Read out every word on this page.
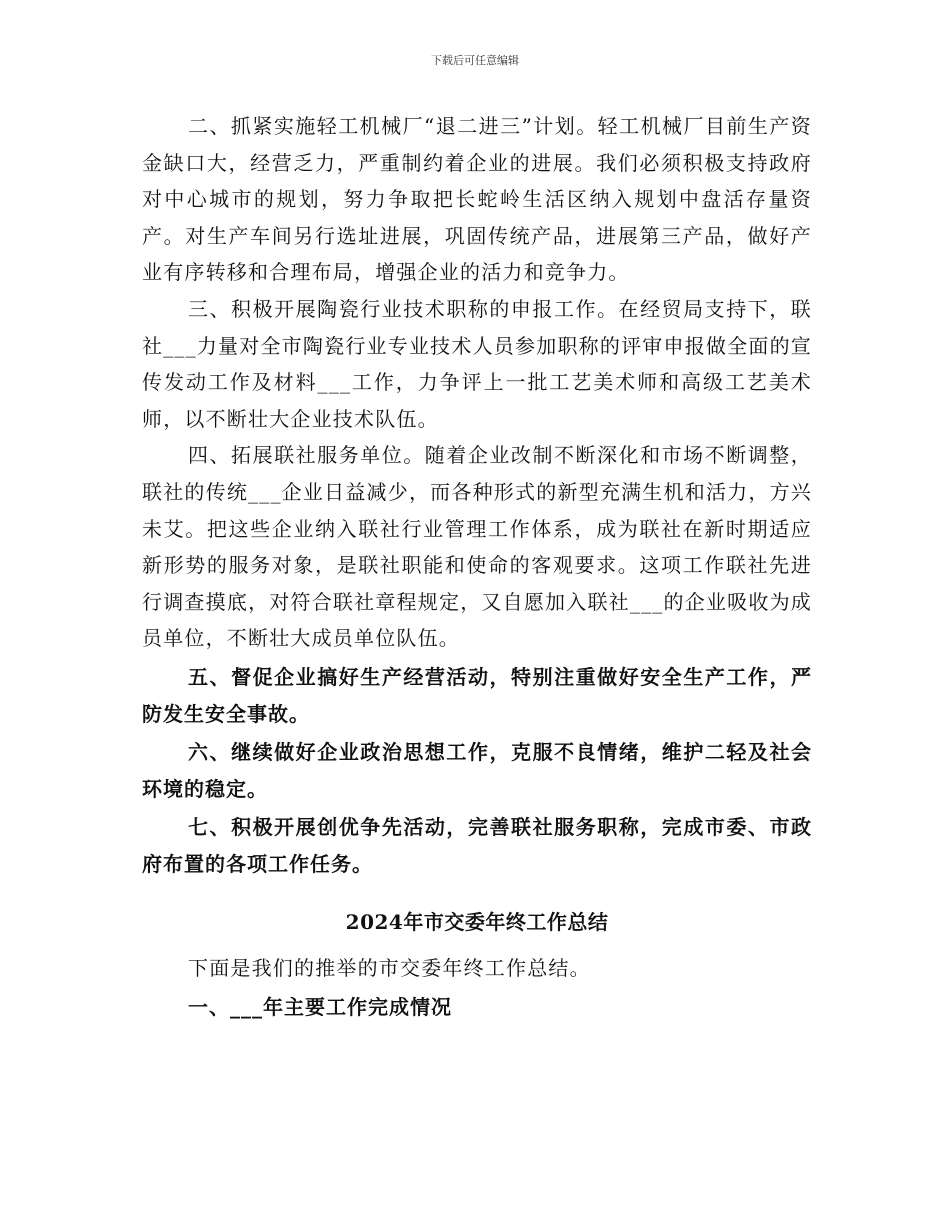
下载后可任意编辑

二、抓紧实施轻工机械厂“退二进三”计划。轻工机械厂目前生产资金缺口大，经营乏力，严重制约着企业的进展。我们必须积极支持政府对中心城市的规划，努力争取把长蛇岭生活区纳入规划中盘活存量资产。对生产车间另行选址进展，巩固传统产品，进展第三产品，做好产业有序转移和合理布局，增强企业的活力和竞争力。

三、积极开展陶瓷行业技术职称的申报工作。在经贸局支持下，联社___力量对全市陶瓷行业专业技术人员参加职称的评审申报做全面的宣传发动工作及材料___工作，力争评上一批工艺美术师和高级工艺美术师，以不断壮大企业技术队伍。

四、拓展联社服务单位。随着企业改制不断深化和市场不断调整，联社的传统___企业日益减少，而各种形式的新型充满生机和活力，方兴未艾。把这些企业纳入联社行业管理工作体系，成为联社在新时期适应新形势的服务对象，是联社职能和使命的客观要求。这项工作联社先进行调查摸底，对符合联社章程规定，又自愿加入联社___的企业吸收为成员单位，不断壮大成员单位队伍。

五、督促企业搞好生产经营活动，特别注重做好安全生产工作，严防发生安全事故。

六、继续做好企业政治思想工作，克服不良情绪，维护二轻及社会环境的稳定。

七、积极开展创优争先活动，完善联社服务职称，完成市委、市政府布置的各项工作任务。

2024年市交委年终工作总结

下面是我们的推举的市交委年终工作总结。

一、___年主要工作完成情况
